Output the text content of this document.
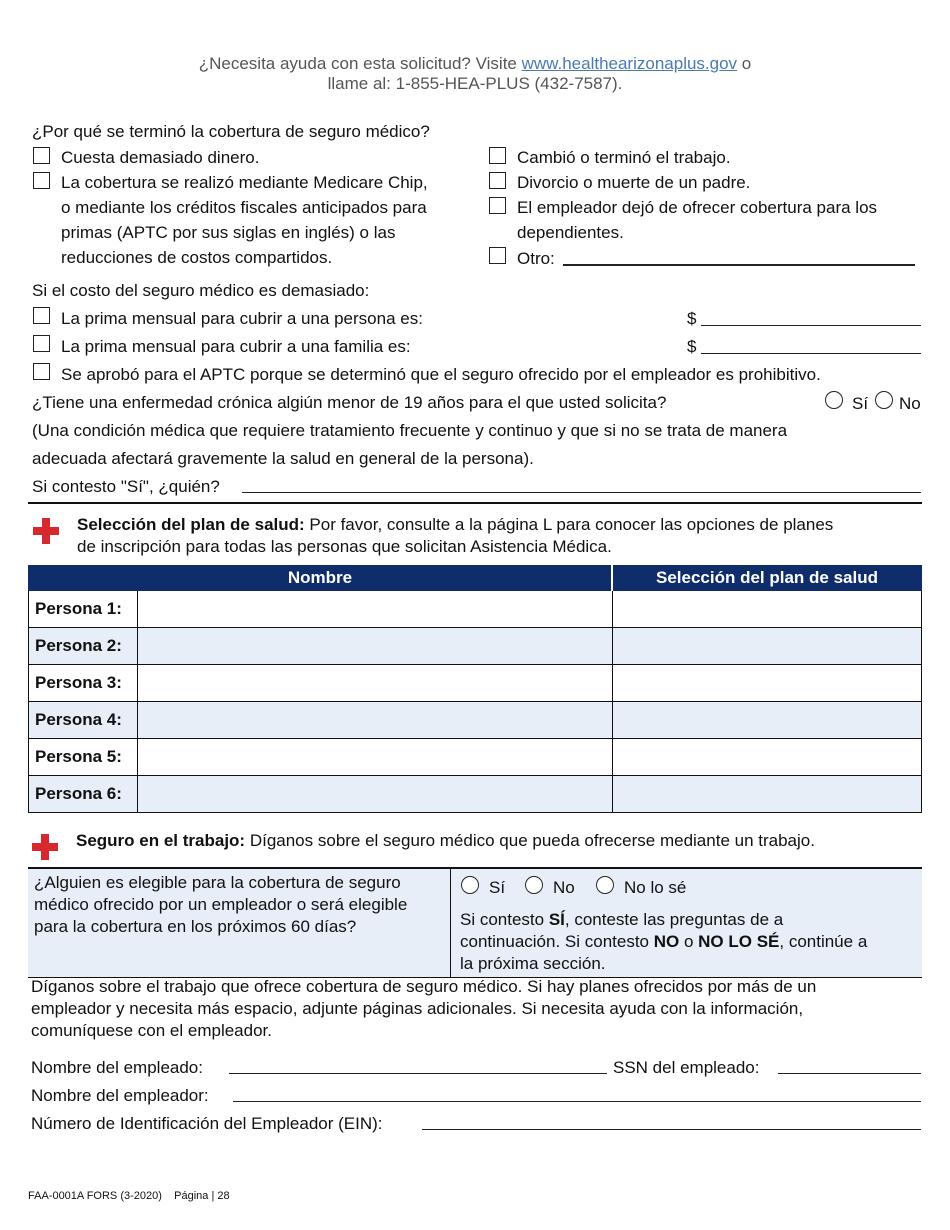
¿Necesita ayuda con esta solicitud? Visite www.healthearizonaplus.gov o
llame al: 1-855-HEA-PLUS (432-7587).
¿Por qué se terminó la cobertura de seguro médico?
Cuesta demasiado dinero.
La cobertura se realizó mediante Medicare Chip,
o mediante los créditos fiscales anticipados para
primas (APTC por sus siglas en inglés) o las
reducciones de costos compartidos.
Cambió o terminó el trabajo.
Divorcio o muerte de un padre.
El empleador dejó de ofrecer cobertura para los
dependientes.
Otro:
Si el costo del seguro médico es demasiado:
La prima mensual para cubrir a una persona es:	$
La prima mensual para cubrir a una familia es:	$
Se aprobó para el APTC porque se determinó que el seguro ofrecido por el empleador es prohibitivo.
¿Tiene una enfermedad crónica algiún menor de 19 años para el que usted solicita?	Sí No
(Una condición médica que requiere tratamiento frecuente y continuo y que si no se trata de manera
adecuada afectará gravemente la salud en general de la persona).
Si contesto "Sí", ¿quién?
Selección del plan de salud: Por favor, consulte a la página L para conocer las opciones de planes
de inscripción para todas las personas que solicitan Asistencia Médica.
Nombre		Selección del plan de salud
Persona 1:		
Persona 2:		
Persona 3:		
Persona 4:		
Persona 5:		
Persona 6:		
Seguro en el trabajo: Díganos sobre el seguro médico que pueda ofrecerse mediante un trabajo.
¿Alguien es elegible para la cobertura de seguro
médico ofrecido por un empleador o será elegible
para la cobertura en los próximos 60 días?
Sí	No	No lo sé
Si contesto SÍ, conteste las preguntas de a
continuación. Si contesto NO o NO LO SÉ, continúe a
la próxima sección.
Díganos sobre el trabajo que ofrece cobertura de seguro médico. Si hay planes ofrecidos por más de un
empleador y necesita más espacio, adjunte páginas adicionales. Si necesita ayuda con la información,
comuníquese con el empleador.
Nombre del empleado:	SSN del empleado:
Nombre del empleador:
Número de Identificación del Empleador (EIN):
FAA-0001A FORS (3-2020) Página | 28
